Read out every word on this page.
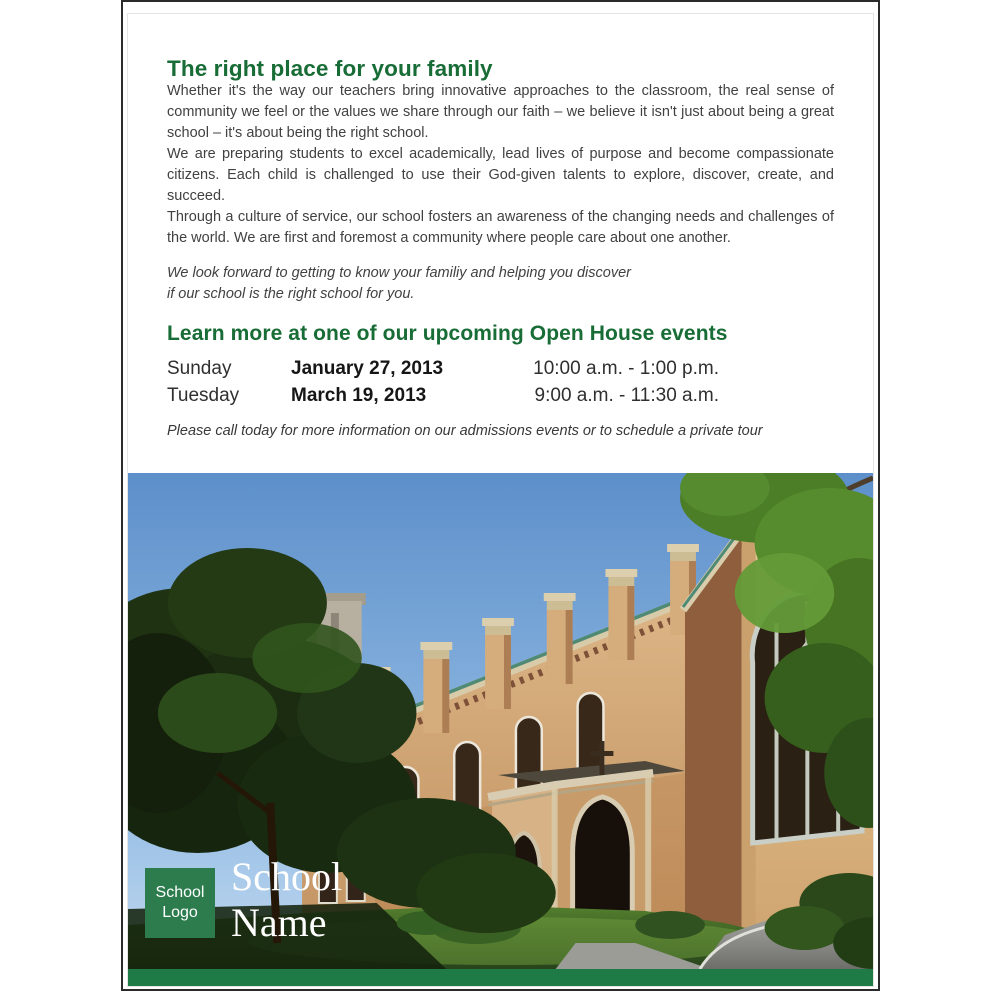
The right place for your family

Whether it's the way our teachers bring innovative approaches to the classroom, the real sense of community we feel or the values we share through our faith – we believe it isn't just about being a great school – it's about being the right school.

We are preparing students to excel academically, lead lives of purpose and become compassionate citizens. Each child is challenged to use their God-given talents to explore, discover, create, and succeed.

Through a culture of service, our school fosters an awareness of the changing needs and challenges of the world. We are first and foremost a community where people care about one another.

We look forward to getting to know your familiy and helping you discover
if our school is the right school for you.
Learn more at one of our upcoming Open House events
Sunday	January 27, 2013	10:00 a.m. - 1:00 p.m.
Tuesday	March 19, 2013	9:00 a.m. - 11:30 a.m.
Please call today for more information on our admissions events or to schedule a private tour
School
Logo
School
Name
